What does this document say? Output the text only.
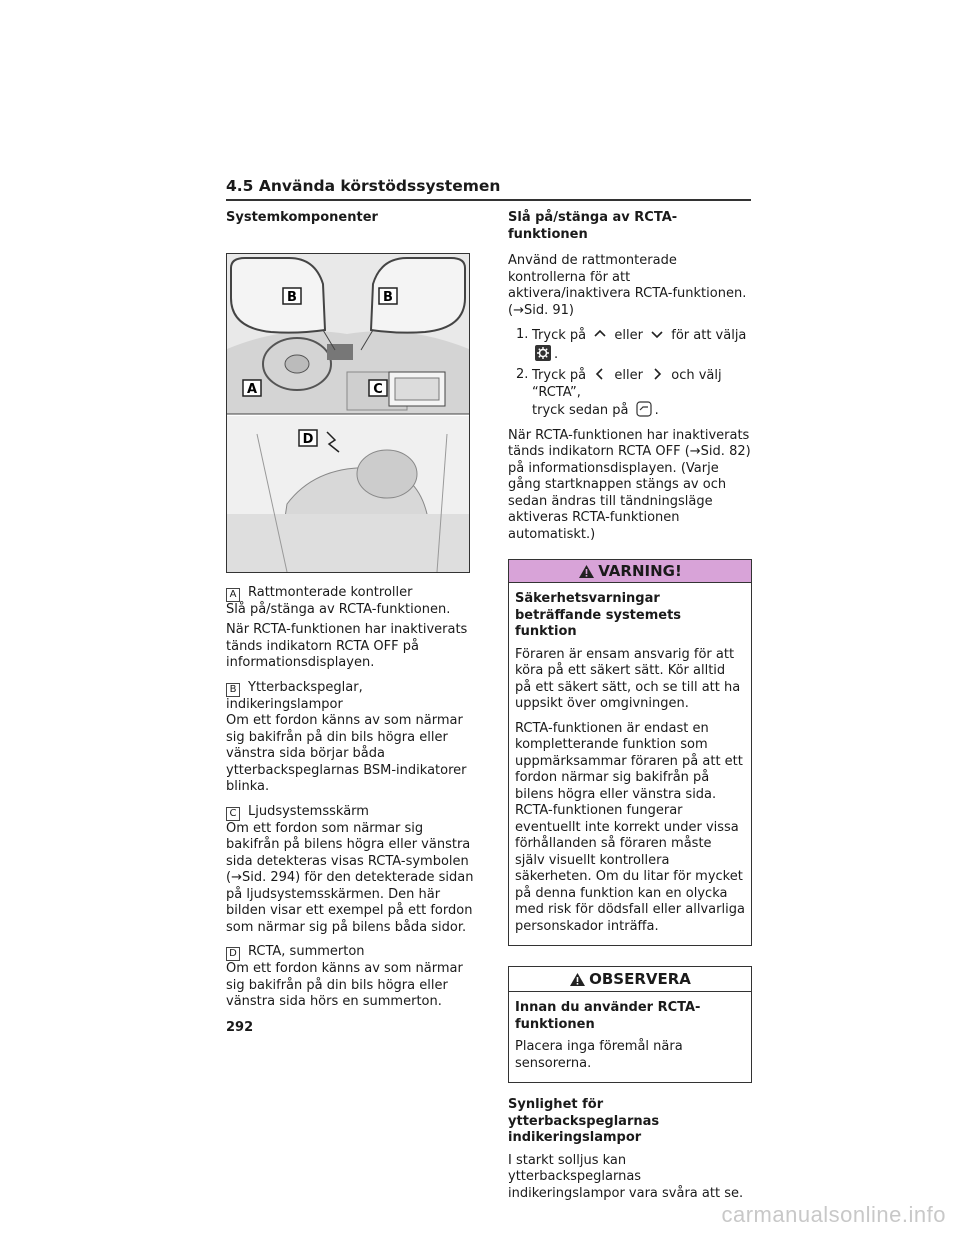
4.5 Använda körstödssystemen
Systemkomponenter
B	B
A	C
D
A Rattmonterade kontroller
Slå på/stänga av RCTA-funktionen.

När RCTA-funktionen har inaktiverats tänds indikatorn RCTA OFF på informationsdisplayen.

B Ytterbackspeglar, indikeringslampor

Om ett fordon känns av som närmar sig bakifrån på din bils högra eller vänstra sida börjar båda ytterbackspeglarnas BSM-indikatorer blinka.

C Ljudsystemsskärm

Om ett fordon som närmar sig bakifrån på bilens högra eller vänstra sida detekteras visas RCTA-symbolen (→Sid. 294) för den detekterade sidan på ljudsystemsskärmen. Den här bilden visar ett exempel på ett fordon som närmar sig på bilens båda sidor.

D RCTA, summerton

Om ett fordon känns av som närmar sig bakifrån på din bils högra eller vänstra sida hörs en summerton.

Slå på/stänga av RCTA-funktionen

Använd de rattmonterade kontrollerna för att aktivera/inaktivera RCTA-funktionen. (→Sid. 91)

1. Tryck på eller för att välja .
2. Tryck på eller och välj “RCTA”,
tryck sedan på .

När RCTA-funktionen har inaktiverats tänds indikatorn RCTA OFF (→Sid. 82) på informationsdisplayen. (Varje gång startknappen stängs av och sedan ändras till tändningsläge aktiveras RCTA-funktionen automatiskt.)

VARNING!
Säkerhetsvarningar beträffande systemets funktion

Föraren är ensam ansvarig för att köra på ett säkert sätt. Kör alltid på ett säkert sätt, och se till att ha uppsikt över omgivningen.

RCTA-funktionen är endast en kompletterande funktion som uppmärksammar föraren på att ett fordon närmar sig bakifrån på bilens högra eller vänstra sida. RCTA-funktionen fungerar eventuellt inte korrekt under vissa förhållanden så föraren måste själv visuellt kontrollera säkerheten. Om du litar för mycket på denna funktion kan en olycka med risk för dödsfall eller allvarliga personskador inträffa.

OBSERVERA
Innan du använder RCTA-funktionen

Placera inga föremål nära sensorerna.

Synlighet för ytterbackspeglarnas indikeringslampor

I starkt solljus kan ytterbackspeglarnas indikeringslampor vara svåra att se.

292
carmanualsonline.info
